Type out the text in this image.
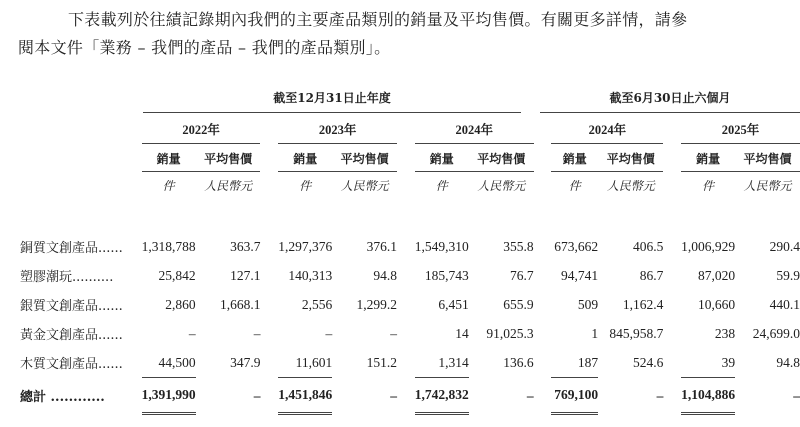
下表載列於往績記錄期內我們的主要產品類別的銷量及平均售價。有關更多詳情，請參
閱本文件「業務 – 我們的產品 – 我們的產品類別」。
截至12月31日止年度	截至6月30日止六個月

	2022年			2023年			2024年			2024年			2025年	

	銷量	平均售價		銷量	平均售價		銷量	平均售價		銷量	平均售價		銷量	平均售價
	件	人民幣元		件	人民幣元		件	人民幣元		件	人民幣元		件	人民幣元

銅質文創產品......	1,318,788	363.7		1,297,376	376.1		1,549,310	355.8		673,662	406.5		1,006,929	290.4
塑膠潮玩..........	25,842	127.1		140,313	94.8		185,743	76.7		94,741	86.7		87,020	59.9
銀質文創產品......	2,860	1,668.1		2,556	1,299.2		6,451	655.9		509	1,162.4		10,660	440.1
黃金文創產品......	–	–		–	–		14	91,025.3		1	845,958.7		238	24,699.0
木質文創產品......	44,500	347.9		11,601	151.2		1,314	136.6		187	524.6		39	94.8
總計 ............	1,391,990	–		1,451,846	–		1,742,832	–		769,100	–		1,104,886	–
